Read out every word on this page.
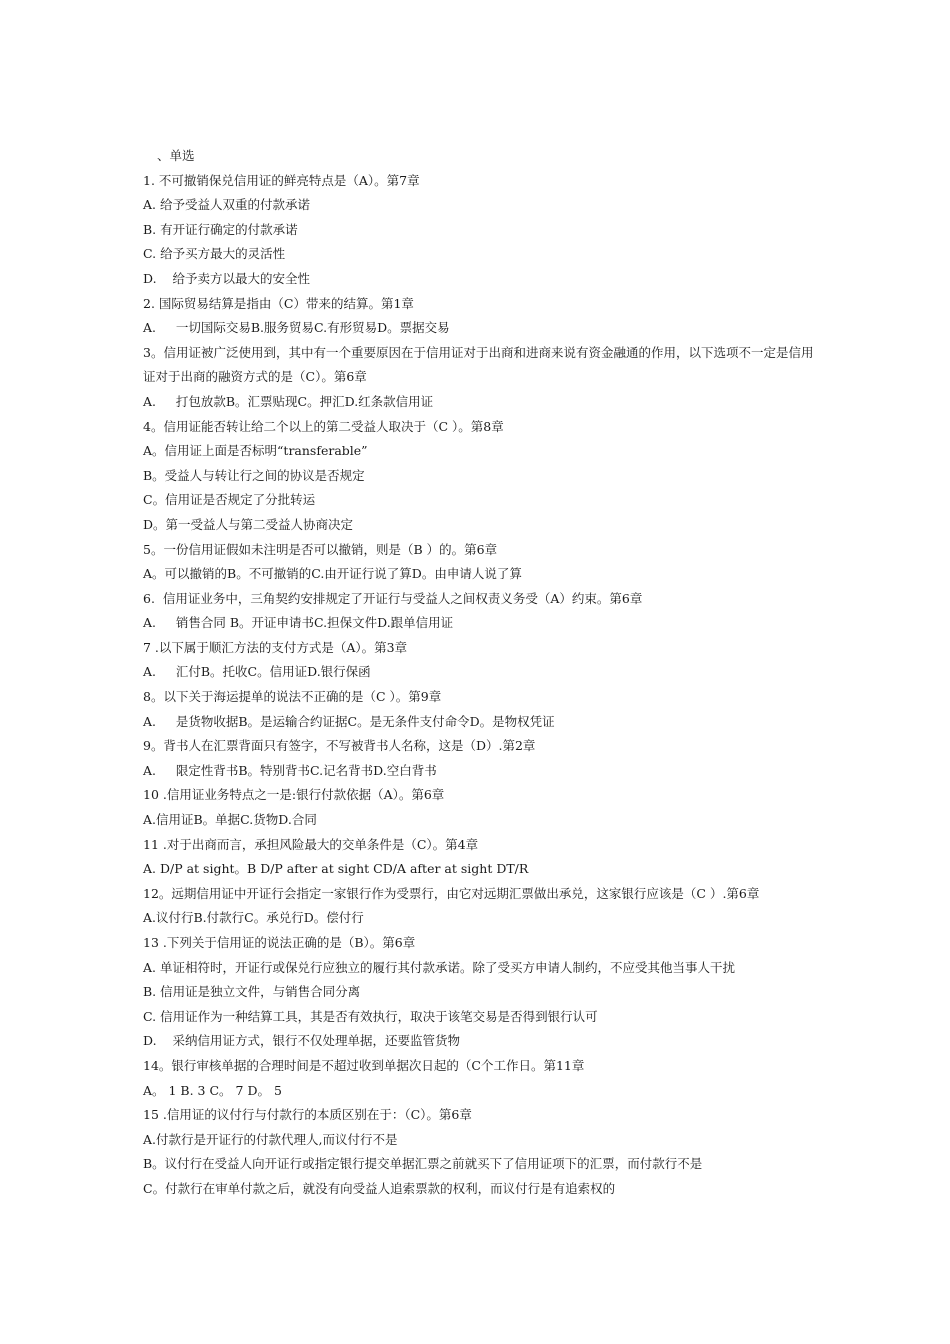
、单选
1. 不可撤销保兑信用证的鲜亮特点是（A）。第7章
A. 给予受益人双重的付款承诺
B. 有开证行确定的付款承诺
C. 给予买方最大的灵活性
D.    给予卖方以最大的安全性
2. 国际贸易结算是指由（C）带来的结算。第1章
A.     一切国际交易B.服务贸易C.有形贸易D。票据交易
3。信用证被广泛使用到，其中有一个重要原因在于信用证对于出商和进商来说有资金融通的作用，以下选项不一定是信用证对于出商的融资方式的是（C）。第6章
A.     打包放款B。汇票贴现C。押汇D.红条款信用证
4。信用证能否转让给二个以上的第二受益人取决于（C ）。第8章
A。信用证上面是否标明“transferable”
B。受益人与转让行之间的协议是否规定
C。信用证是否规定了分批转运
D。第一受益人与第二受益人协商决定
5。一份信用证假如未注明是否可以撤销，则是（B ）的。第6章
A。可以撤销的B。不可撤销的C.由开证行说了算D。由申请人说了算
6.  信用证业务中，三角契约安排规定了开证行与受益人之间权责义务受（A）约束。第6章
A.     销售合同 B。开证申请书C.担保文件D.跟单信用证
7 .以下属于顺汇方法的支付方式是（A）。第3章
A.     汇付B。托收C。信用证D.银行保函
8。以下关于海运提单的说法不正确的是（C ）。第9章
A.     是货物收据B。是运输合约证据C。是无条件支付命令D。是物权凭证
9。背书人在汇票背面只有签字，不写被背书人名称，这是（D）.第2章
A.     限定性背书B。特别背书C.记名背书D.空白背书
10 .信用证业务特点之一是:银行付款依据（A）。第6章
A.信用证B。单据C.货物D.合同
11 .对于出商而言，承担风险最大的交单条件是（C）。第4章
A. D/P at sight。B D/P after at sight CD/A after at sight DT/R
12。远期信用证中开证行会指定一家银行作为受票行，由它对远期汇票做出承兑，这家银行应该是（C ）.第6章
A.议付行B.付款行C。承兑行D。偿付行
13 .下列关于信用证的说法正确的是（B）。第6章
A. 单证相符时，开证行或保兑行应独立的履行其付款承诺。除了受买方申请人制约，不应受其他当事人干扰
B. 信用证是独立文件，与销售合同分离
C. 信用证作为一种结算工具，其是否有效执行，取决于该笔交易是否得到银行认可
D.    采纳信用证方式，银行不仅处理单据，还要监管货物
14。银行审核单据的合理时间是不超过收到单据次日起的（C个工作日。第11章
A。 1 B. 3 C。 7 D。 5
15 .信用证的议付行与付款行的本质区别在于：（C）。第6章
A.付款行是开证行的付款代理人,而议付行不是
B。议付行在受益人向开证行或指定银行提交单据汇票之前就买下了信用证项下的汇票，而付款行不是
C。付款行在审单付款之后，就没有向受益人追索票款的权利，而议付行是有追索权的
